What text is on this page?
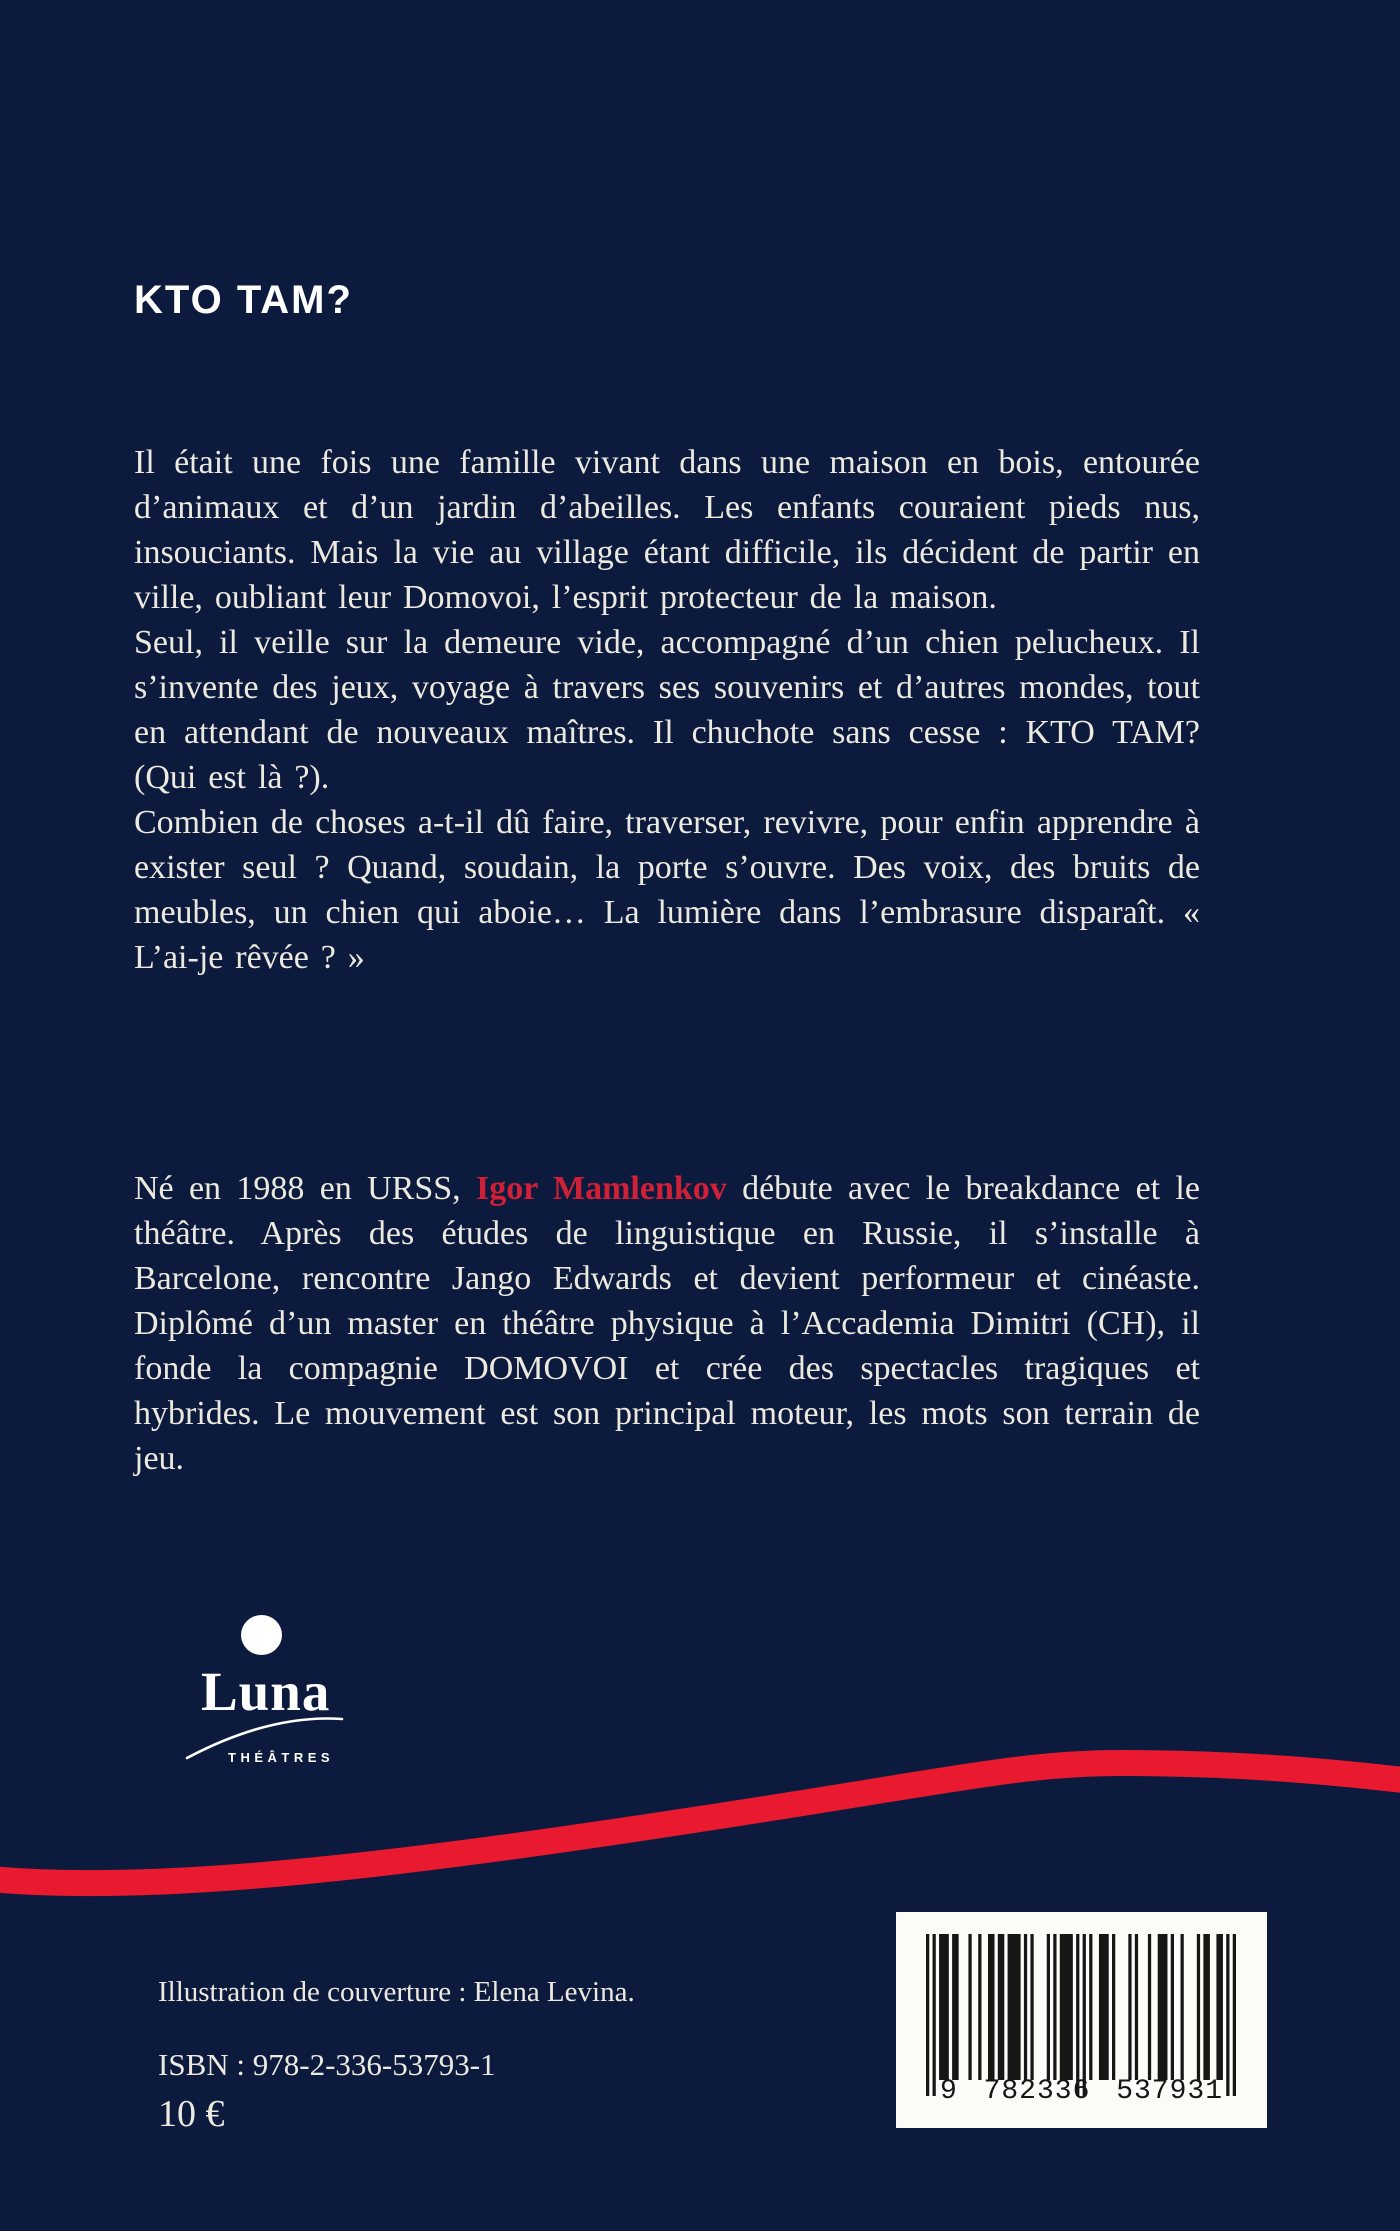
KTO TAM?

Il était une fois une famille vivant dans une maison en bois, entourée d’animaux et d’un jardin d’abeilles. Les enfants couraient pieds nus, insouciants. Mais la vie au village étant difficile, ils décident de partir en ville, oubliant leur Domovoi, l’esprit protecteur de la maison.

Seul, il veille sur la demeure vide, accompagné d’un chien pelucheux. Il s’invente des jeux, voyage à travers ses souvenirs et d’autres mondes, tout en attendant de nouveaux maîtres. Il chuchote sans cesse : KTO TAM? (Qui est là ?).

Combien de choses a-t-il dû faire, traverser, revivre, pour enfin apprendre à exister seul ? Quand, soudain, la porte s’ouvre. Des voix, des bruits de meubles, un chien qui aboie… La lumière dans l’embrasure disparaît. « L’ai-je rêvée ? »

Né en 1988 en URSS, Igor Mamlenkov débute avec le breakdance et le théâtre. Après des études de linguistique en Russie, il s’installe à Barcelone, rencontre Jango Edwards et devient performeur et cinéaste. Diplômé d’un master en théâtre physique à l’Accademia Dimitri (CH), il fonde la compagnie DOMOVOI et crée des spectacles tragiques et hybrides. Le mouvement est son principal moteur, les mots son terrain de jeu.

Luna
THÉÂTRES
9 782336 537931
Illustration de couverture : Elena Levina.
ISBN : 978-2-336-53793-1
10 €
